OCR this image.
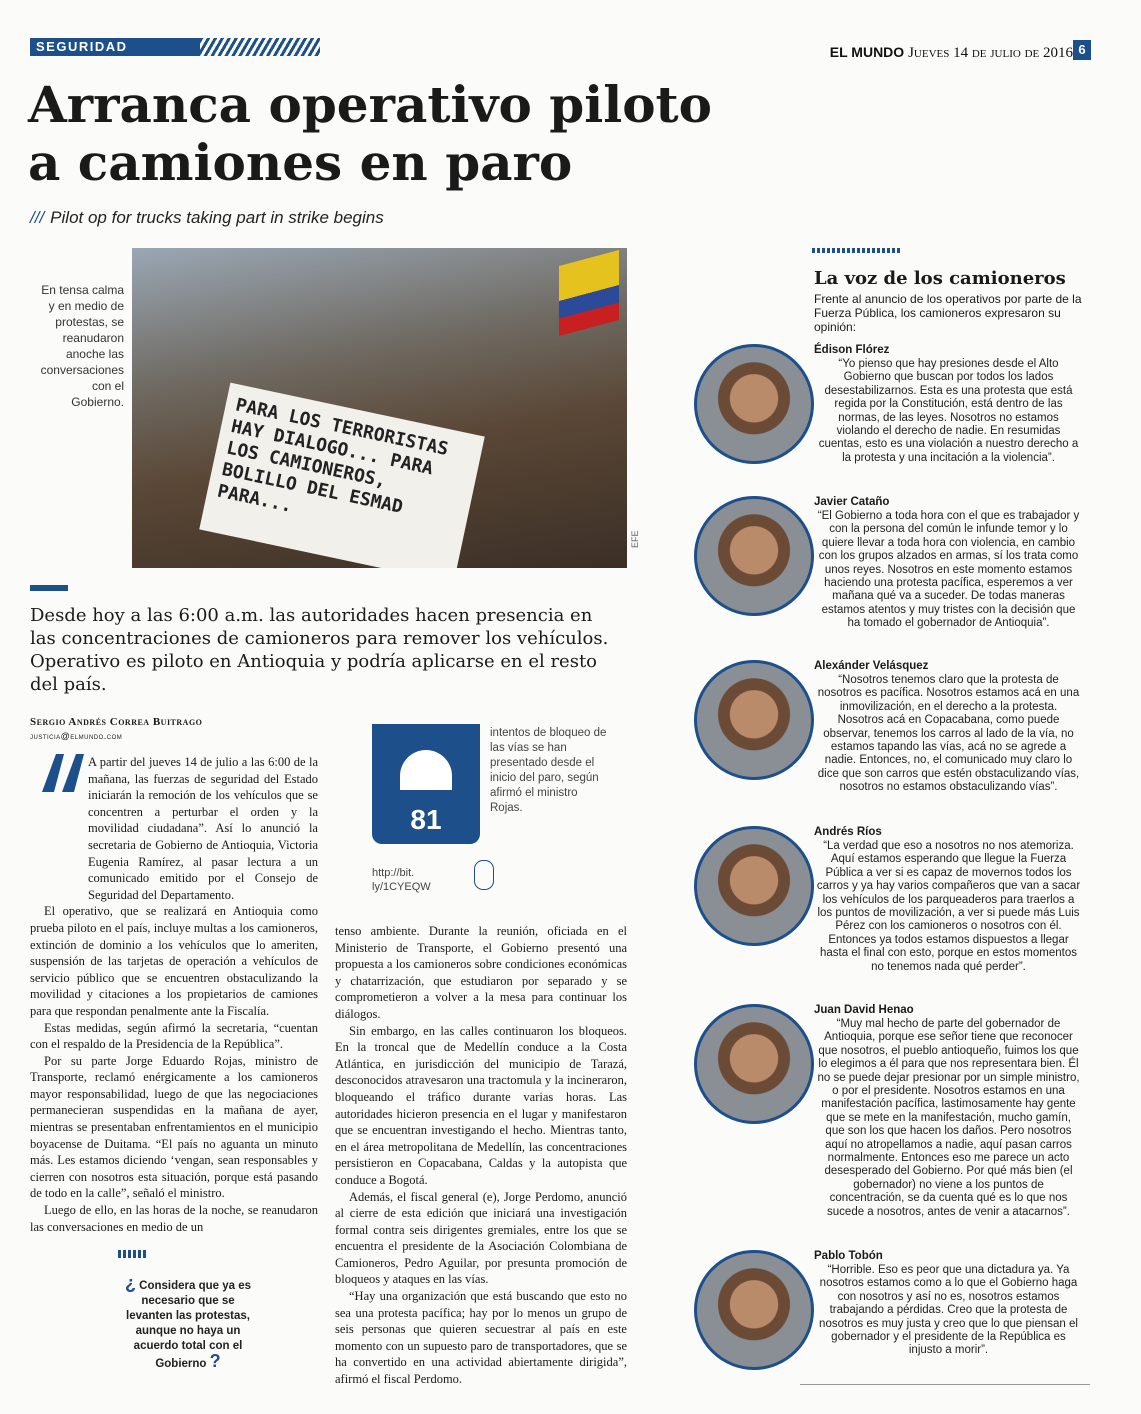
SEGURIDAD	EL MUNDO Jueves 14 de julio de 2016 6
Arranca operativo piloto
a camiones en paro
/// Pilot op for trucks taking part in strike begins
En tensa calma y en medio de protestas, se reanudaron anoche las conversaciones con el Gobierno.	PARA LOS TERRORISTAS HAY DIALOGO... PARA LOS CAMIONEROS, BOLILLO DEL ESMAD PARA...
EFE

Desde hoy a las 6:00 a.m. las autoridades hacen presencia en las concentraciones de camioneros para remover los vehículos. Operativo es piloto en Antioquia y podría aplicarse en el resto del país.

Sergio Andrés Correa Buitrago
justicia@elmundo.com

A partir del jueves 14 de julio a las 6:00 de la mañana, las fuerzas de seguridad del Estado iniciarán la remoción de los vehículos que se concentren a perturbar el orden y la movilidad ciudadana”. Así lo anunció la secretaria de Gobierno de Antioquia, Victoria Eugenia Ramírez, al pasar lectura a un comunicado emitido por el Consejo de Seguridad del Departamento.

El operativo, que se realizará en Antioquia como prueba piloto en el país, incluye multas a los camioneros, extinción de dominio a los vehículos que lo ameriten, suspensión de las tarjetas de operación a vehículos de servicio público que se encuentren obstaculizando la movilidad y citaciones a los propietarios de camiones para que respondan penalmente ante la Fiscalía.

Estas medidas, según afirmó la secretaria, “cuentan con el respaldo de la Presidencia de la República”.

Por su parte Jorge Eduardo Rojas, ministro de Transporte, reclamó enérgicamente a los camioneros mayor responsabilidad, luego de que las negociaciones permanecieran suspendidas en la mañana de ayer, mientras se presentaban enfrentamientos en el municipio boyacense de Duitama. “El país no aguanta un minuto más. Les estamos diciendo ‘vengan, sean responsables y cierren con nosotros esta situación, porque está pasando de todo en la calle”, señaló el ministro.

Luego de ello, en las horas de la noche, se reanudaron las conversaciones en medio de un

81
intentos de bloqueo de las vías se han presentado desde el inicio del paro, según afirmó el ministro Rojas.
http://bit. ly/1CYEQW

tenso ambiente. Durante la reunión, oficiada en el Ministerio de Transporte, el Gobierno presentó una propuesta a los camioneros sobre condiciones económicas y chatarrización, que estudiaron por separado y se comprometieron a volver a la mesa para continuar los diálogos.

Sin embargo, en las calles continuaron los bloqueos. En la troncal que de Medellín conduce a la Costa Atlántica, en jurisdicción del municipio de Tarazá, desconocidos atravesaron una tractomula y la incineraron, bloqueando el tráfico durante varias horas. Las autoridades hicieron presencia en el lugar y manifestaron que se encuentran investigando el hecho. Mientras tanto, en el área metropolitana de Medellín, las concentraciones persistieron en Copacabana, Caldas y la autopista que conduce a Bogotá.

Además, el fiscal general (e), Jorge Perdomo, anunció al cierre de esta edición que iniciará una investigación formal contra seis dirigentes gremiales, entre los que se encuentra el presidente de la Asociación Colombiana de Camioneros, Pedro Aguilar, por presunta promoción de bloqueos y ataques en las vías.

“Hay una organización que está buscando que esto no sea una protesta pacífica; hay por lo menos un grupo de seis personas que quieren secuestrar al país en este momento con un supuesto paro de transportadores, que se ha convertido en una actividad abiertamente dirigida”, afirmó el fiscal Perdomo.

¿ Considera que ya es necesario que se levanten las protestas, aunque no haya un acuerdo total con el Gobierno ?
La voz de los camioneros
Frente al anuncio de los operativos por parte de la Fuerza Pública, los camioneros expresaron su opinión:
Édison Flórez
“Yo pienso que hay presiones desde el Alto Gobierno que buscan por todos los lados desestabilizarnos. Esta es una protesta que está regida por la Constitución, está dentro de las normas, de las leyes. Nosotros no estamos violando el derecho de nadie. En resumidas cuentas, esto es una violación a nuestro derecho a la protesta y una incitación a la violencia”.
Javier Cataño
“El Gobierno a toda hora con el que es trabajador y con la persona del común le infunde temor y lo quiere llevar a toda hora con violencia, en cambio con los grupos alzados en armas, sí los trata como unos reyes. Nosotros en este momento estamos haciendo una protesta pacífica, esperemos a ver mañana qué va a suceder. De todas maneras estamos atentos y muy tristes con la decisión que ha tomado el gobernador de Antioquia”.
Alexánder Velásquez
“Nosotros tenemos claro que la protesta de nosotros es pacífica. Nosotros estamos acá en una inmovilización, en el derecho a la protesta. Nosotros acá en Copacabana, como puede observar, tenemos los carros al lado de la vía, no estamos tapando las vías, acá no se agrede a nadie. Entonces, no, el comunicado muy claro lo dice que son carros que estén obstaculizando vías, nosotros no estamos obstaculizando vías”.
Andrés Ríos
“La verdad que eso a nosotros no nos atemoriza. Aquí estamos esperando que llegue la Fuerza Pública a ver si es capaz de movernos todos los carros y ya hay varios compañeros que van a sacar los vehículos de los parqueaderos para traerlos a los puntos de movilización, a ver si puede más Luis Pérez con los camioneros o nosotros con él. Entonces ya todos estamos dispuestos a llegar hasta el final con esto, porque en estos momentos no tenemos nada qué perder”.
Juan David Henao
“Muy mal hecho de parte del gobernador de Antioquia, porque ese señor tiene que reconocer que nosotros, el pueblo antioqueño, fuimos los que lo elegimos a él para que nos representara bien. Él no se puede dejar presionar por un simple ministro, o por el presidente. Nosotros estamos en una manifestación pacífica, lastimosamente hay gente que se mete en la manifestación, mucho gamín, que son los que hacen los daños. Pero nosotros aquí no atropellamos a nadie, aquí pasan carros normalmente. Entonces eso me parece un acto desesperado del Gobierno. Por qué más bien (el gobernador) no viene a los puntos de concentración, se da cuenta qué es lo que nos sucede a nosotros, antes de venir a atacarnos”.
Pablo Tobón
“Horrible. Eso es peor que una dictadura ya. Ya nosotros estamos como a lo que el Gobierno haga con nosotros y así no es, nosotros estamos trabajando a pérdidas. Creo que la protesta de nosotros es muy justa y creo que lo que piensan el gobernador y el presidente de la República es injusto a morir”.
